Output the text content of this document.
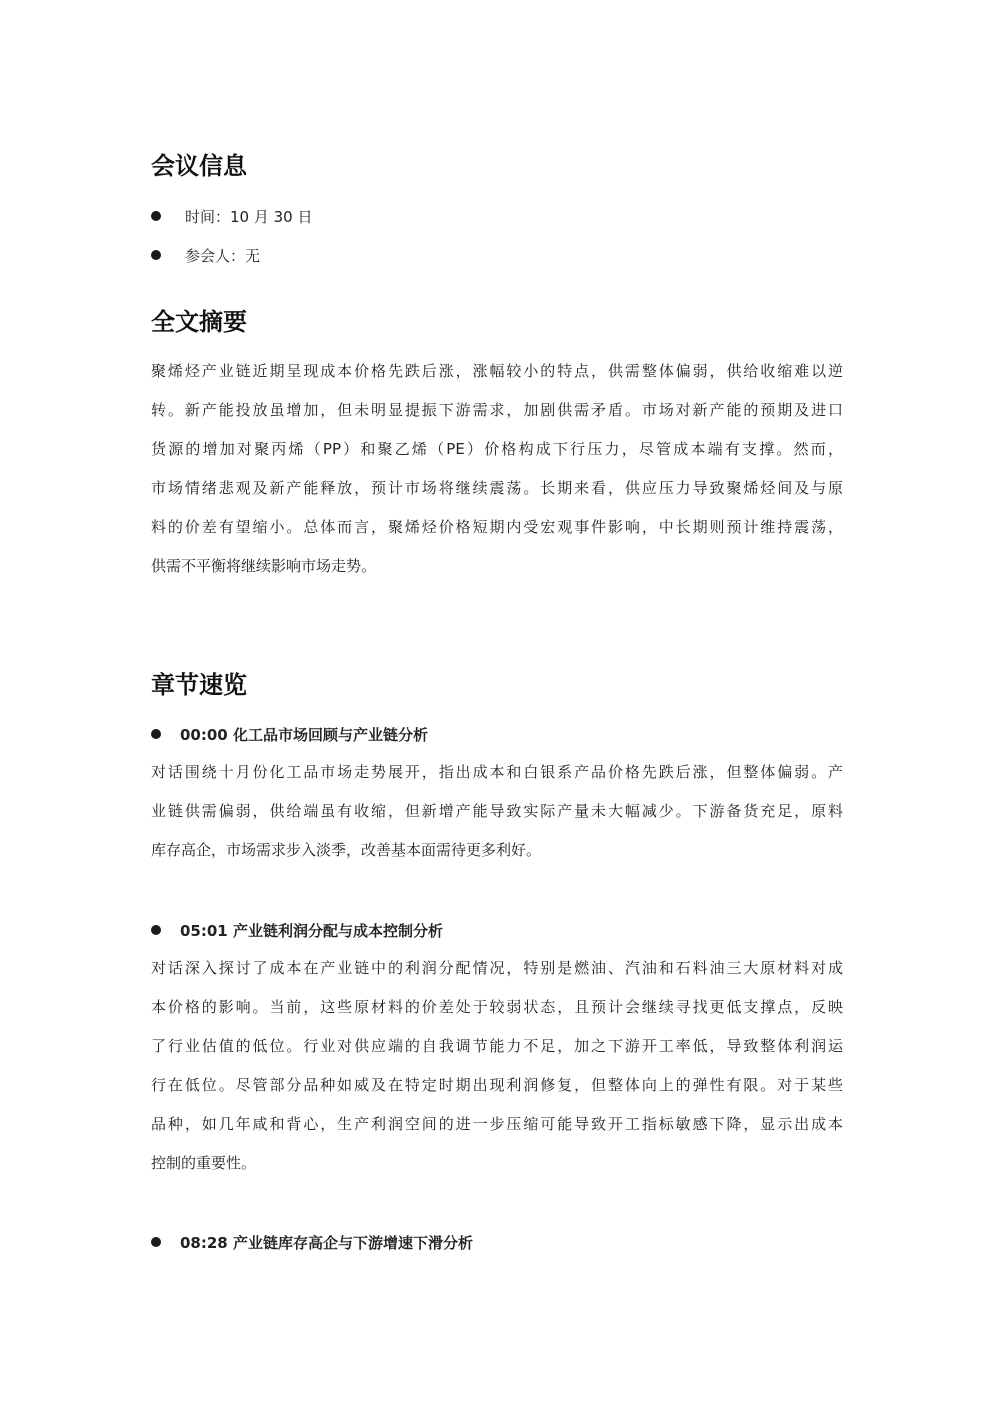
会议信息
时间：10 月 30 日
参会人：无
全文摘要
聚烯烃产业链近期呈现成本价格先跌后涨，涨幅较小的特点，供需整体偏弱，供给收缩难以逆
转。新产能投放虽增加，但未明显提振下游需求，加剧供需矛盾。市场对新产能的预期及进口
货源的增加对聚丙烯（PP）和聚乙烯（PE）价格构成下行压力，尽管成本端有支撑。然而，
市场情绪悲观及新产能释放，预计市场将继续震荡。长期来看，供应压力导致聚烯烃间及与原
料的价差有望缩小。总体而言，聚烯烃价格短期内受宏观事件影响，中长期则预计维持震荡，
供需不平衡将继续影响市场走势。
章节速览
00:00 化工品市场回顾与产业链分析
对话围绕十月份化工品市场走势展开，指出成本和白银系产品价格先跌后涨，但整体偏弱。产
业链供需偏弱，供给端虽有收缩，但新增产能导致实际产量未大幅减少。下游备货充足，原料
库存高企，市场需求步入淡季，改善基本面需待更多利好。
05:01 产业链利润分配与成本控制分析
对话深入探讨了成本在产业链中的利润分配情况，特别是燃油、汽油和石料油三大原材料对成
本价格的影响。当前，这些原材料的价差处于较弱状态，且预计会继续寻找更低支撑点，反映
了行业估值的低位。行业对供应端的自我调节能力不足，加之下游开工率低，导致整体利润运
行在低位。尽管部分品种如威及在特定时期出现利润修复，但整体向上的弹性有限。对于某些
品种，如几年咸和背心，生产利润空间的进一步压缩可能导致开工指标敏感下降，显示出成本
控制的重要性。
08:28 产业链库存高企与下游增速下滑分析
